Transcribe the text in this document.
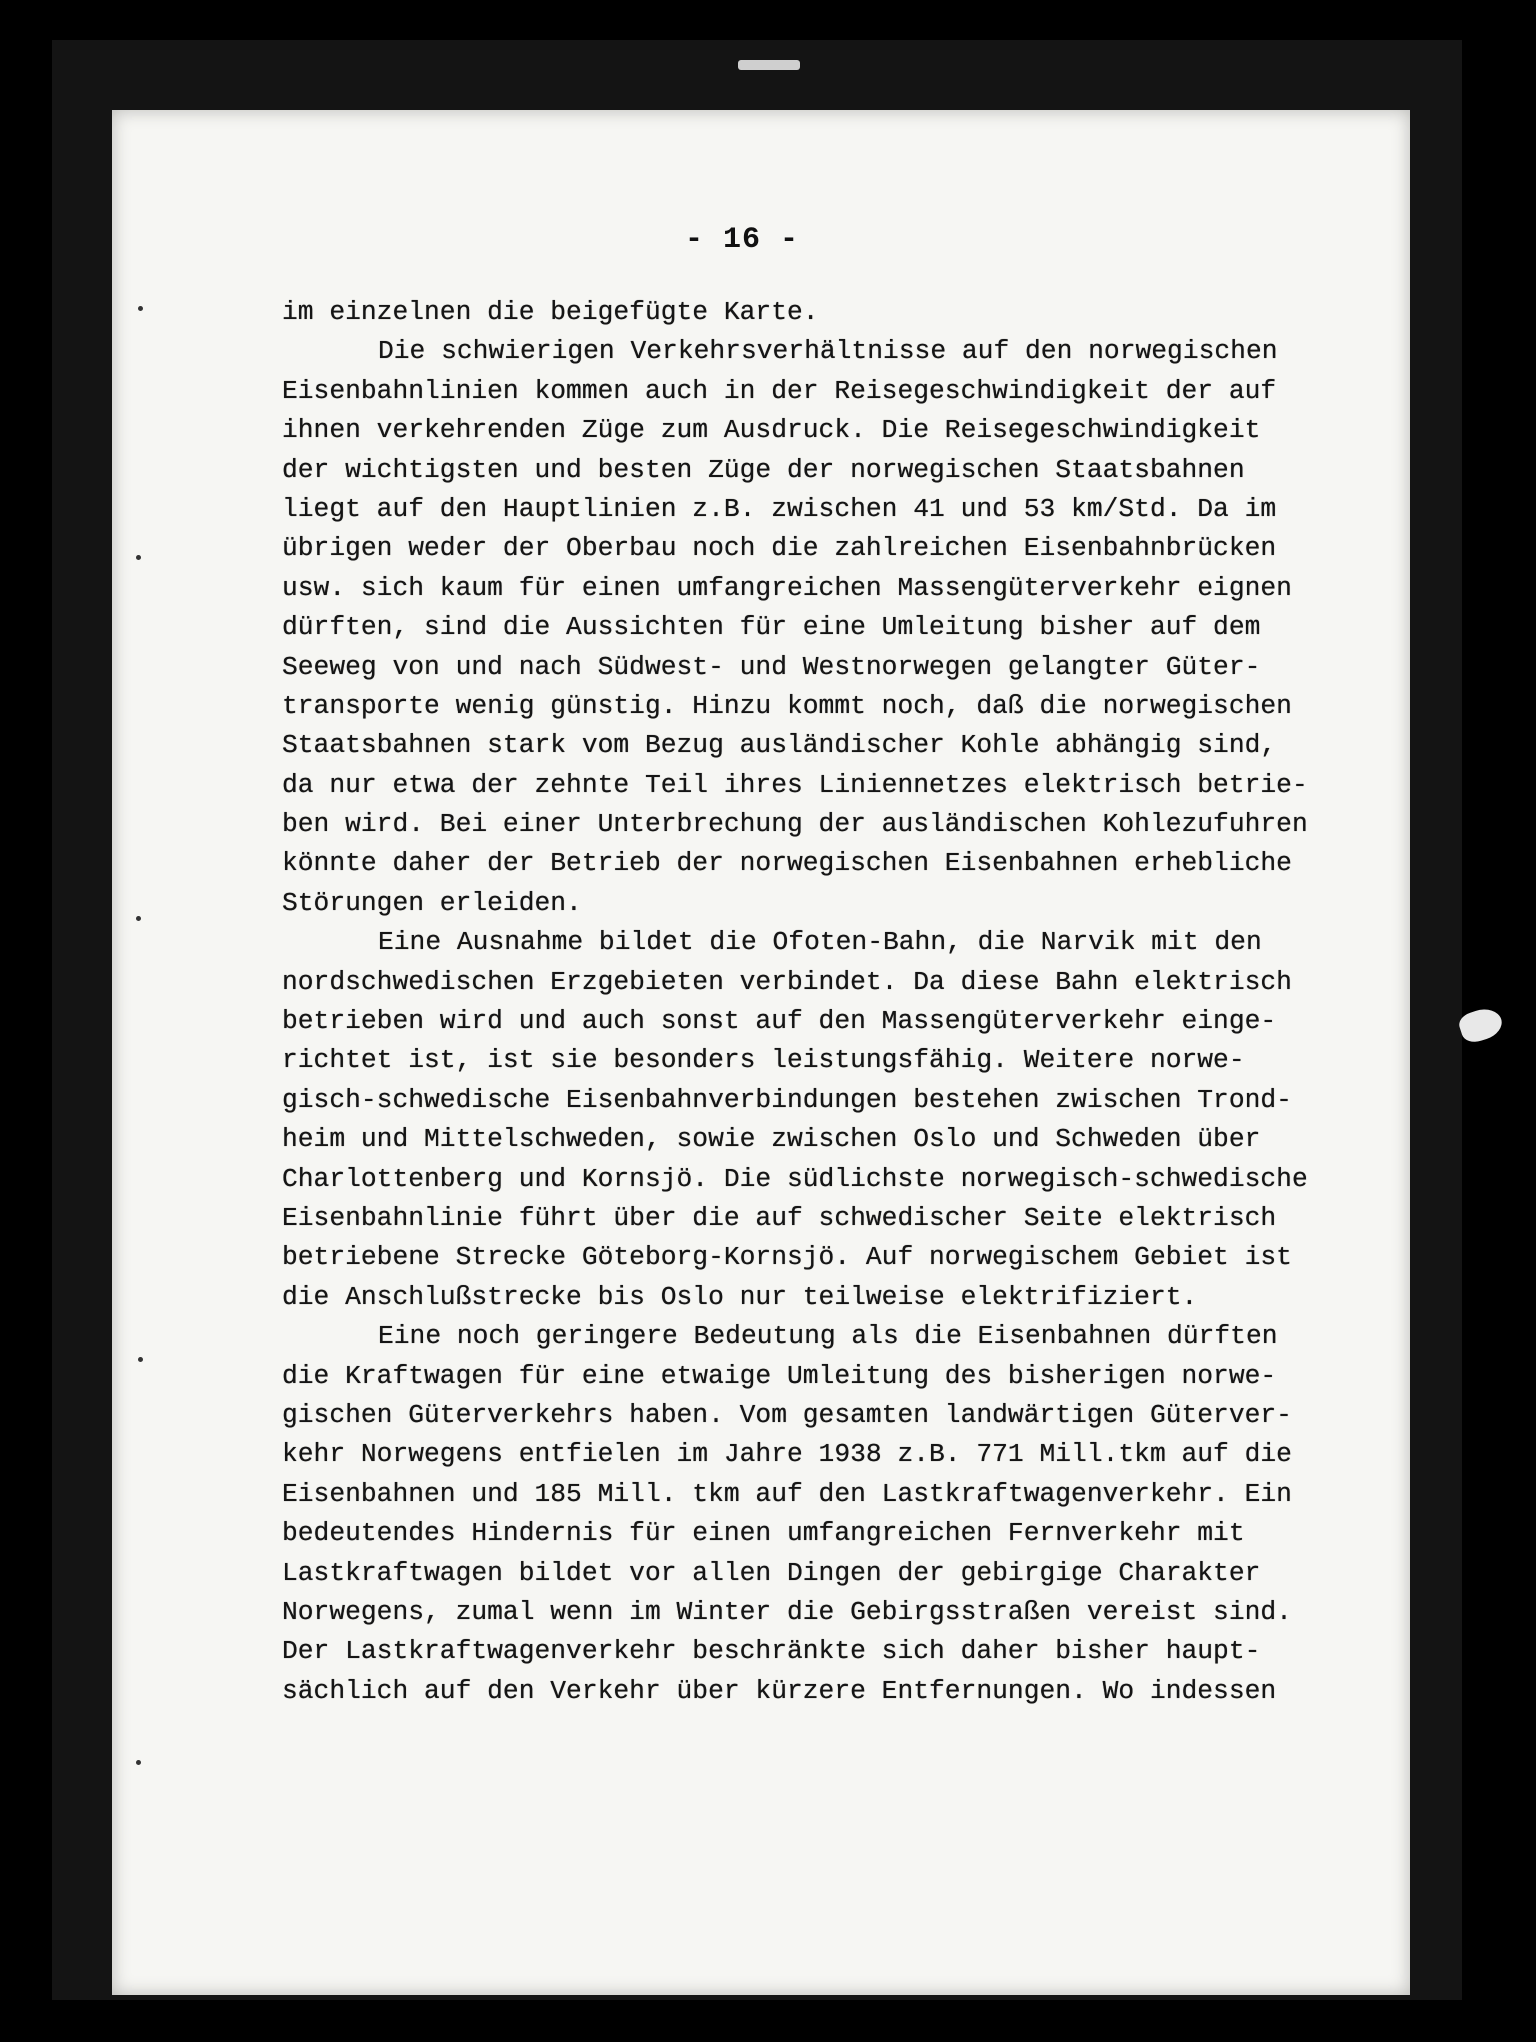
- 16 -
im einzelnen die beigefügte Karte.
Die schwierigen Verkehrsverhältnisse auf den norwegischen
Eisenbahnlinien kommen auch in der Reisegeschwindigkeit der auf
ihnen verkehrenden Züge zum Ausdruck. Die Reisegeschwindigkeit
der wichtigsten und besten Züge der norwegischen Staatsbahnen
liegt auf den Hauptlinien z.B. zwischen 41 und 53 km/Std. Da im
übrigen weder der Oberbau noch die zahlreichen Eisenbahnbrücken
usw. sich kaum für einen umfangreichen Massengüterverkehr eignen
dürften, sind die Aussichten für eine Umleitung bisher auf dem
Seeweg von und nach Südwest- und Westnorwegen gelangter Güter-
transporte wenig günstig. Hinzu kommt noch, daß die norwegischen
Staatsbahnen stark vom Bezug ausländischer Kohle abhängig sind,
da nur etwa der zehnte Teil ihres Liniennetzes elektrisch betrie-
ben wird. Bei einer Unterbrechung der ausländischen Kohlezufuhren
könnte daher der Betrieb der norwegischen Eisenbahnen erhebliche
Störungen erleiden.
Eine Ausnahme bildet die Ofoten-Bahn, die Narvik mit den
nordschwedischen Erzgebieten verbindet. Da diese Bahn elektrisch
betrieben wird und auch sonst auf den Massengüterverkehr einge-
richtet ist, ist sie besonders leistungsfähig. Weitere norwe-
gisch-schwedische Eisenbahnverbindungen bestehen zwischen Trond-
heim und Mittelschweden, sowie zwischen Oslo und Schweden über
Charlottenberg und Kornsjö. Die südlichste norwegisch-schwedische
Eisenbahnlinie führt über die auf schwedischer Seite elektrisch
betriebene Strecke Göteborg-Kornsjö. Auf norwegischem Gebiet ist
die Anschlußstrecke bis Oslo nur teilweise elektrifiziert.
Eine noch geringere Bedeutung als die Eisenbahnen dürften
die Kraftwagen für eine etwaige Umleitung des bisherigen norwe-
gischen Güterverkehrs haben. Vom gesamten landwärtigen Güterver-
kehr Norwegens entfielen im Jahre 1938 z.B. 771 Mill.tkm auf die
Eisenbahnen und 185 Mill. tkm auf den Lastkraftwagenverkehr. Ein
bedeutendes Hindernis für einen umfangreichen Fernverkehr mit
Lastkraftwagen bildet vor allen Dingen der gebirgige Charakter
Norwegens, zumal wenn im Winter die Gebirgsstraßen vereist sind.
Der Lastkraftwagenverkehr beschränkte sich daher bisher haupt-
sächlich auf den Verkehr über kürzere Entfernungen. Wo indessen
